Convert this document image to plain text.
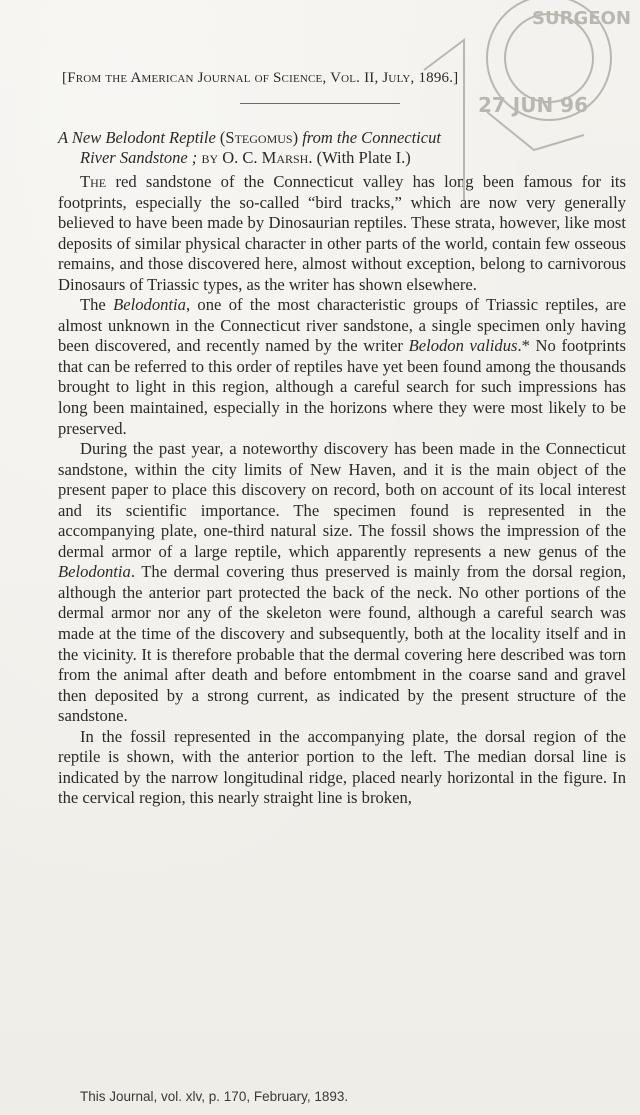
[From the American Journal of Science, Vol. II, July, 1896.]
A New Belodont Reptile (Stegomus) from the Connecticut
River Sandstone ; by O. C. Marsh. (With Plate I.)

The red sandstone of the Connecticut valley has long been famous for its footprints, especially the so-called “bird tracks,” which are now very generally believed to have been made by Dinosaurian reptiles. These strata, however, like most deposits of similar physical character in other parts of the world, contain few osseous remains, and those discovered here, almost without exception, belong to carnivorous Dinosaurs of Triassic types, as the writer has shown elsewhere.

The Belodontia, one of the most characteristic groups of Triassic reptiles, are almost unknown in the Connecticut river sandstone, a single specimen only having been discovered, and recently named by the writer Belodon validus.* No footprints that can be referred to this order of reptiles have yet been found among the thousands brought to light in this region, although a careful search for such impressions has long been maintained, especially in the horizons where they were most likely to be preserved.

During the past year, a noteworthy discovery has been made in the Connecticut sandstone, within the city limits of New Haven, and it is the main object of the present paper to place this discovery on record, both on account of its local interest and its scientific importance. The specimen found is represented in the accompanying plate, one-third natural size. The fossil shows the impression of the dermal armor of a large reptile, which apparently represents a new genus of the Belodontia. The dermal covering thus preserved is mainly from the dorsal region, although the anterior part protected the back of the neck. No other portions of the dermal armor nor any of the skeleton were found, although a careful search was made at the time of the discovery and subsequently, both at the locality itself and in the vicinity. It is therefore probable that the dermal covering here described was torn from the animal after death and before entombment in the coarse sand and gravel then deposited by a strong current, as indicated by the present structure of the sandstone.

In the fossil represented in the accompanying plate, the dorsal region of the reptile is shown, with the anterior portion to the left. The median dorsal line is indicated by the narrow longitudinal ridge, placed nearly horizontal in the figure. In the cervical region, this nearly straight line is broken,

This Journal, vol. xlv, p. 170, February, 1893.
SURGEON
27 JUN 96
